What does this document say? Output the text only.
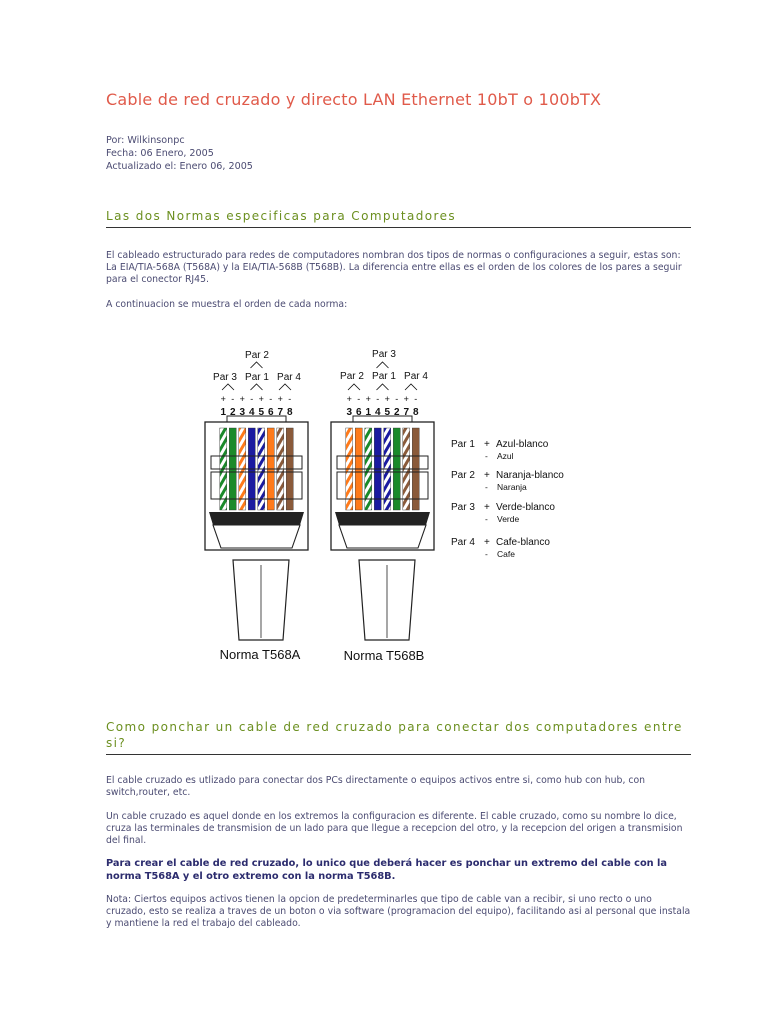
Cable de red cruzado y directo LAN Ethernet 10bT o 100bTX
Por: Wilkinsonpc
Fecha: 06 Enero, 2005
Actualizado el: Enero 06, 2005
Las dos Normas especificas para Computadores
El cableado estructurado para redes de computadores nombran dos tipos de normas o configuraciones a seguir, estas son: La EIA/TIA-568A (T568A) y la EIA/TIA-568B (T568B). La diferencia entre ellas es el orden de los colores de los pares a seguir para el conector RJ45.
A continuacion se muestra el orden de cada norma:
Como ponchar un cable de red cruzado para conectar dos computadores entre si?
El cable cruzado es utlizado para conectar dos PCs directamente o equipos activos entre si, como hub con hub, con switch,router, etc.
Un cable cruzado es aquel donde en los extremos la configuracion es diferente. El cable cruzado, como su nombre lo dice, cruza las terminales de transmision de un lado para que llegue a recepcion del otro, y la recepcion del origen a transmision del final.
Para crear el cable de red cruzado, lo unico que deberá hacer es ponchar un extremo del cable con la norma T568A y el otro extremo con la norma T568B.
Nota: Ciertos equipos activos tienen la opcion de predeterminarles que tipo de cable van a recibir, si uno recto o uno cruzado, esto se realiza a traves de un boton o via software (programacion del equipo), facilitando asi al personal que instala y mantiene la red el trabajo del cableado.
Par 2
Par 3 Par 1 Par 4
+ - + - + - + -
1 2 3 4 5 6 7 8
Norma T568A
Par 3
Par 2 Par 1 Par 4
+ - + - + - + -
3 6 1 4 5 2 7 8
Norma T568B
Par 1 + Azul-blanco
- Azul
Par 2 + Naranja-blanco
- Naranja
Par 3 + Verde-blanco
- Verde
Par 4 + Cafe-blanco
- Cafe
